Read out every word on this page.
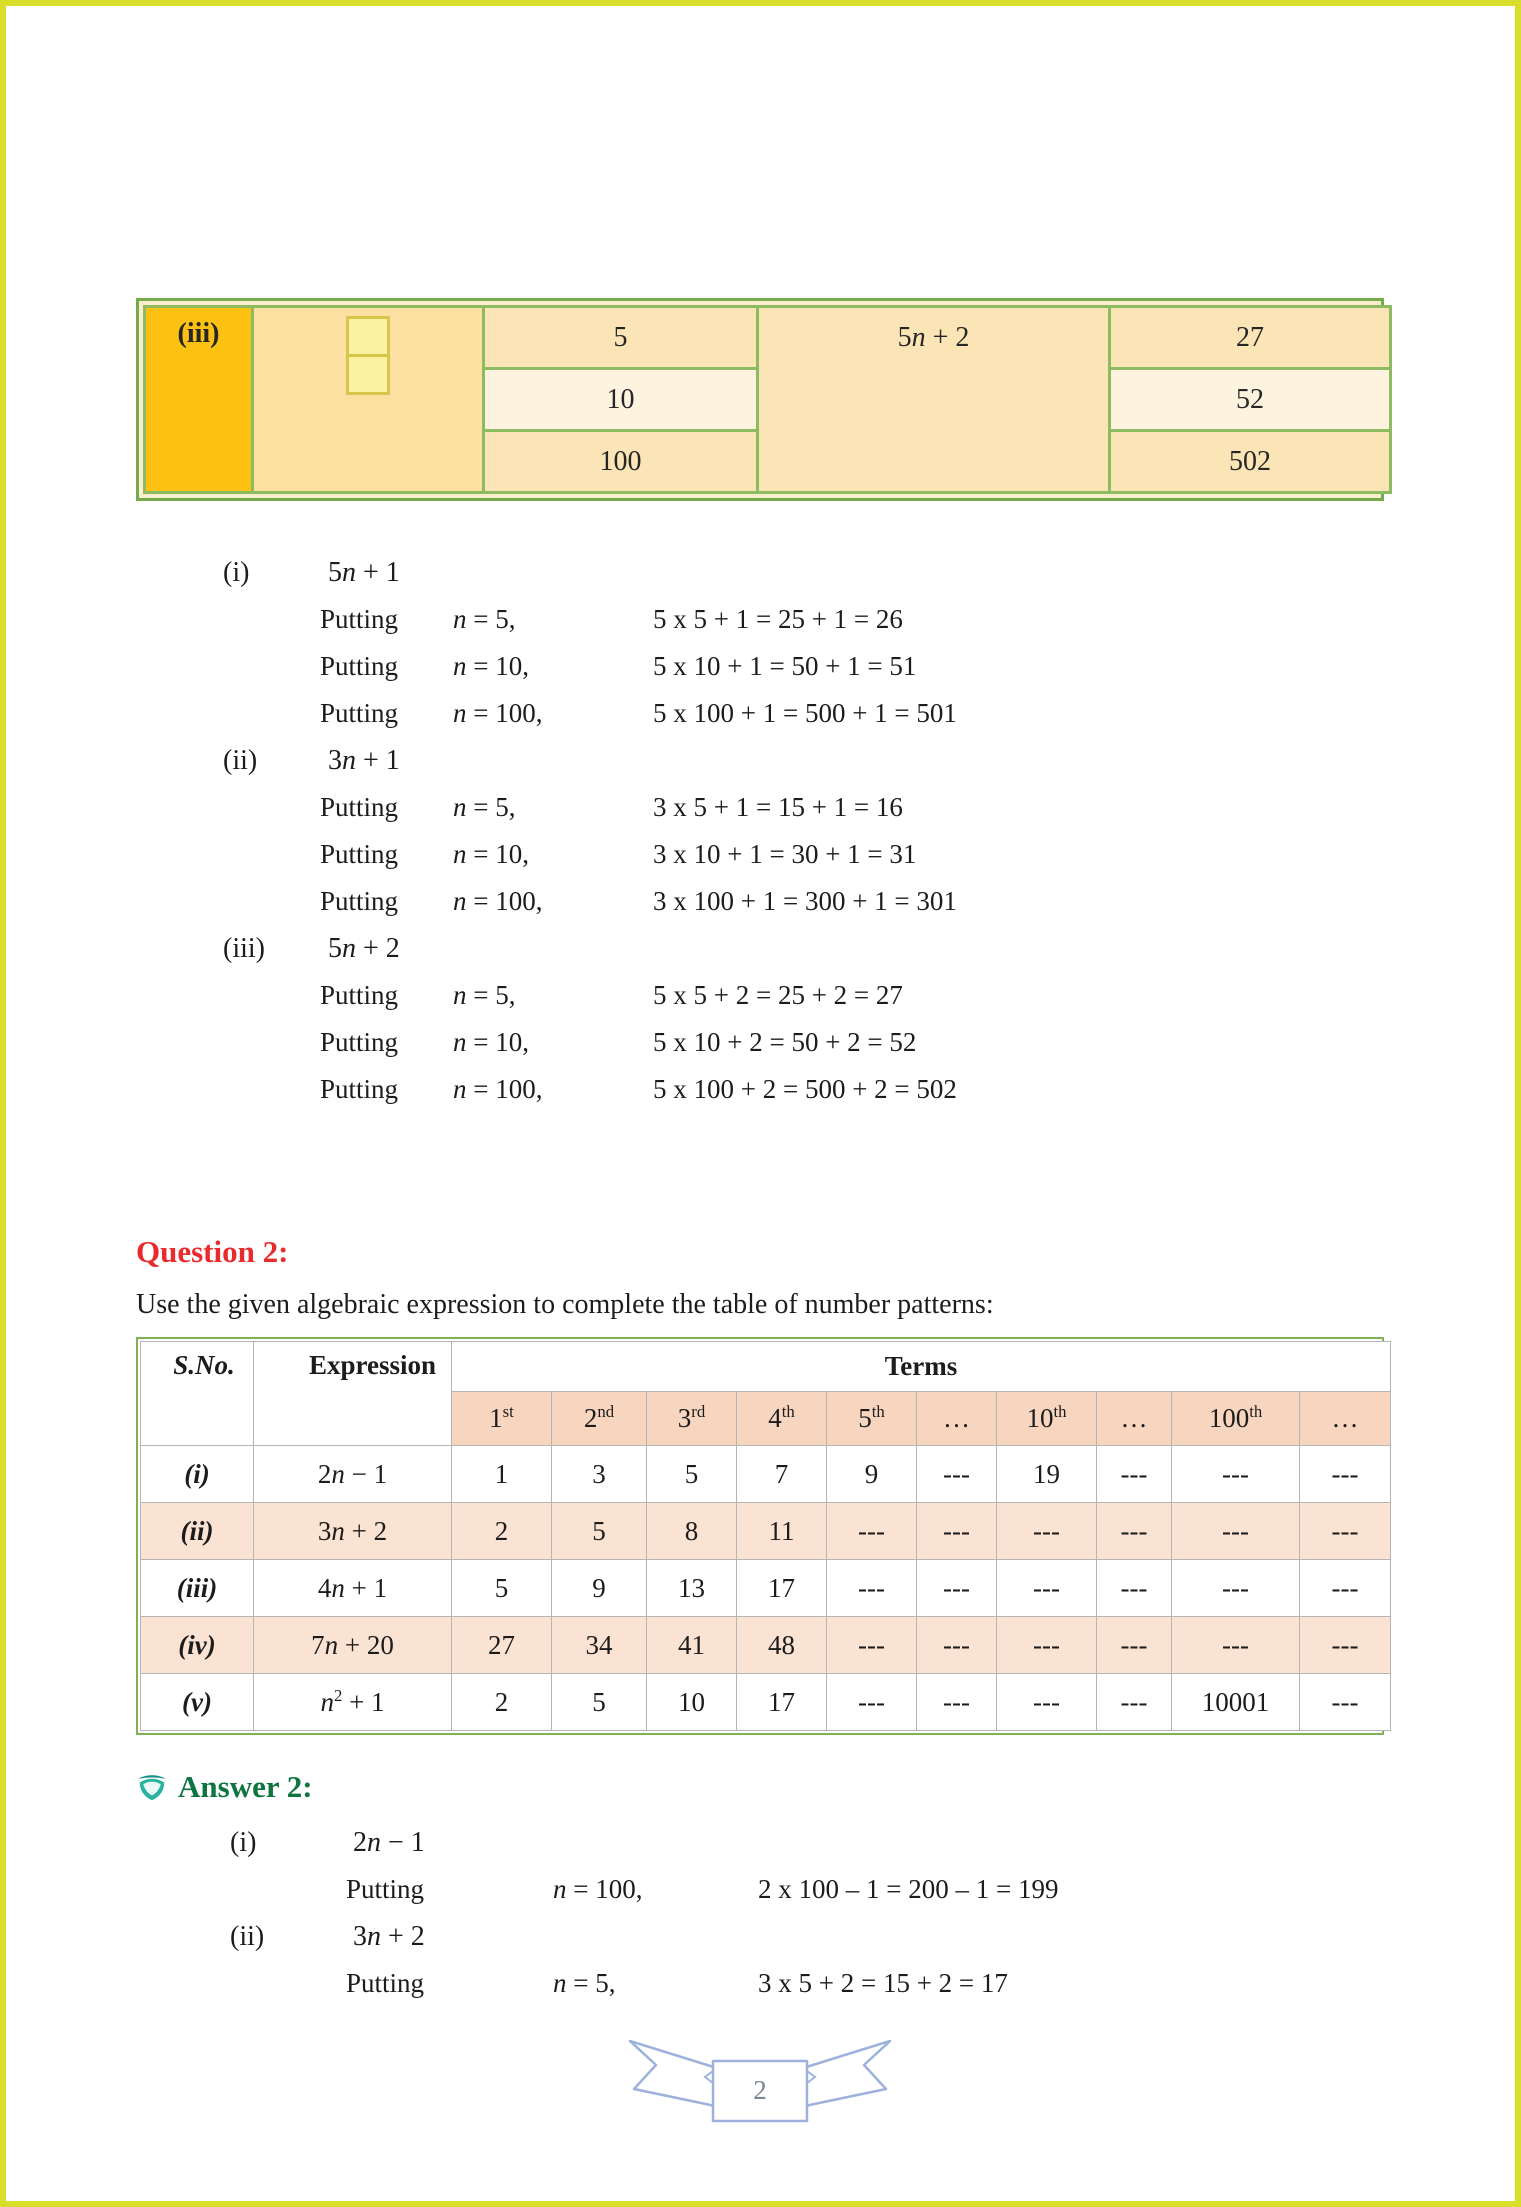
(iii)		5	5n + 2	27
		10		52
		100		502
(i)	5n + 1
Putting	n = 5,	5 x 5 + 1 = 25 + 1 = 26
Putting	n = 10,	5 x 10 + 1 = 50 + 1 = 51
Putting	n = 100,	5 x 100 + 1 = 500 + 1 = 501
(ii)	3n + 1
Putting	n = 5,	3 x 5 + 1 = 15 + 1 = 16
Putting	n = 10,	3 x 10 + 1 = 30 + 1 = 31
Putting	n = 100,	3 x 100 + 1 = 300 + 1 = 301
(iii)	5n + 2
Putting	n = 5,	5 x 5 + 2 = 25 + 2 = 27
Putting	n = 10,	5 x 10 + 2 = 50 + 2 = 52
Putting	n = 100,	5 x 100 + 2 = 500 + 2 = 502
Question 2:

Use the given algebraic expression to complete the table of number patterns:

S.No.	Expression	Terms									
		1st	2nd	3rd	4th	5th	…	10th	…	100th	…
(i)	2n − 1	1	3	5	7	9	---	19	---	---	---
(ii)	3n + 2	2	5	8	11	---	---	---	---	---	---
(iii)	4n + 1	5	9	13	17	---	---	---	---	---	---
(iv)	7n + 20	27	34	41	48	---	---	---	---	---	---
(v)	$n^2 + 1$	2	5	10	17	---	---	---	---	10001	---
Answer 2:
(i)	2n − 1
Putting	n = 100,	2 x 100 – 1 = 200 – 1 = 199
(ii)	3n + 2
Putting	n = 5,	3 x 5 + 2 = 15 + 2 = 17
2
